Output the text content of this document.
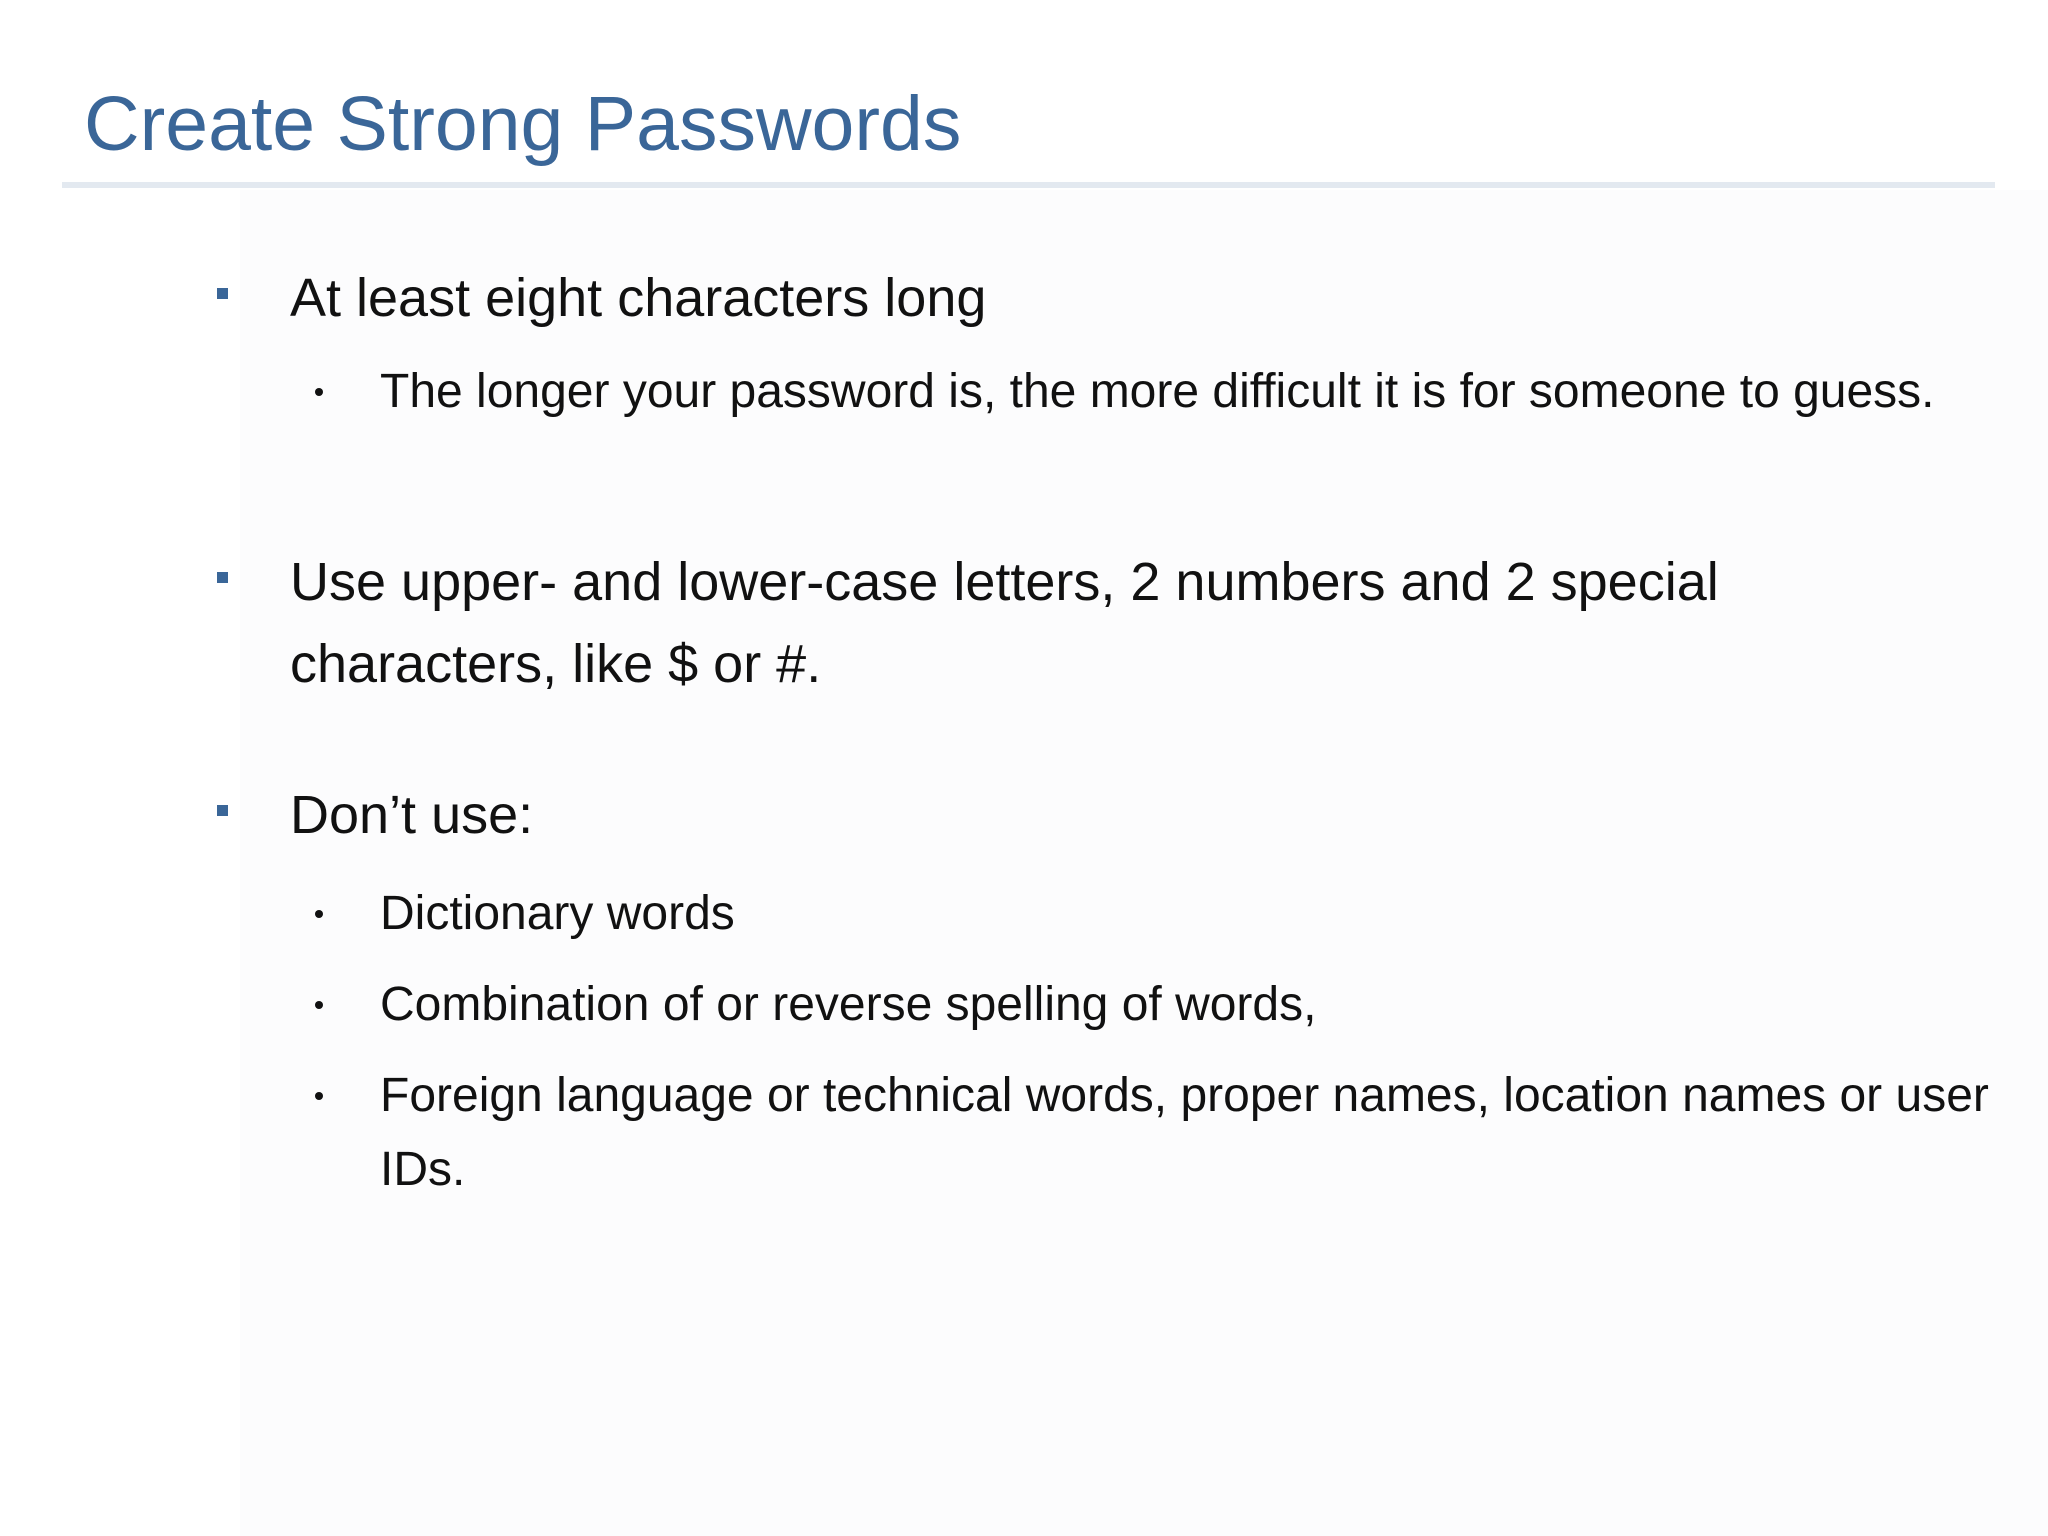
Create Strong Passwords
At least eight characters long
The longer your password is, the more difficult it is for someone to guess.
Use upper- and lower-case letters, 2 numbers and 2 special characters, like $ or #.
Don’t use:
Dictionary words
Combination of or reverse spelling of words,
Foreign language or technical words, proper names, location names or user IDs.
